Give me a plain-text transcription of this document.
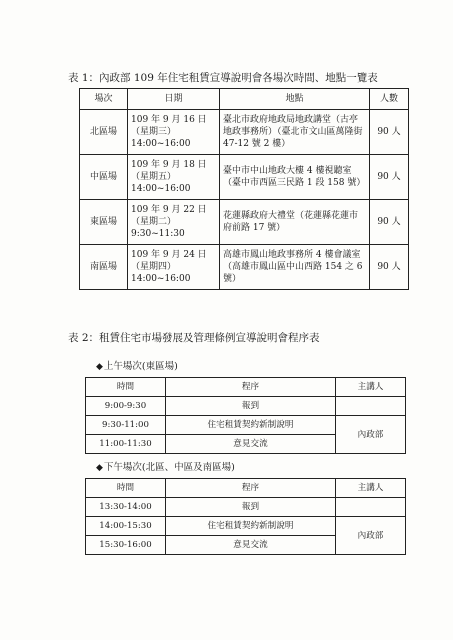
表 1：內政部 109 年住宅租賃宣導說明會各場次時間、地點一覽表
場次	日期	地點	人數
北區場	109 年 9 月 16 日
（星期三）
14:00~16:00	臺北市政府地政局地政講堂（古亭地政事務所）（臺北市文山區萬隆街 47-12 號 2 樓）	90 人
中區場	109 年 9 月 18 日
（星期五）
14:00~16:00	臺中市中山地政大樓 4 樓視聽室（臺中市西區三民路 1 段 158 號）	90 人
東區場	109 年 9 月 22 日
（星期二）
9:30~11:30	花蓮縣政府大禮堂（花蓮縣花蓮市府前路 17 號）	90 人
南區場	109 年 9 月 24 日
（星期四）
14:00~16:00	高雄市鳳山地政事務所 4 樓會議室（高雄市鳳山區中山西路 154 之 6 號）	90 人
表 2：租賃住宅市場發展及管理條例宣導說明會程序表
◆上午場次(東區場)
時間	程序	主講人
9:00-9:30	報到	
9:30-11:00	住宅租賃契約新制說明	內政部
11:00-11:30	意見交流	
◆下午場次(北區、中區及南區場)
時間	程序	主講人
13:30-14:00	報到	
14:00-15:30	住宅租賃契約新制說明	內政部
15:30-16:00	意見交流	
